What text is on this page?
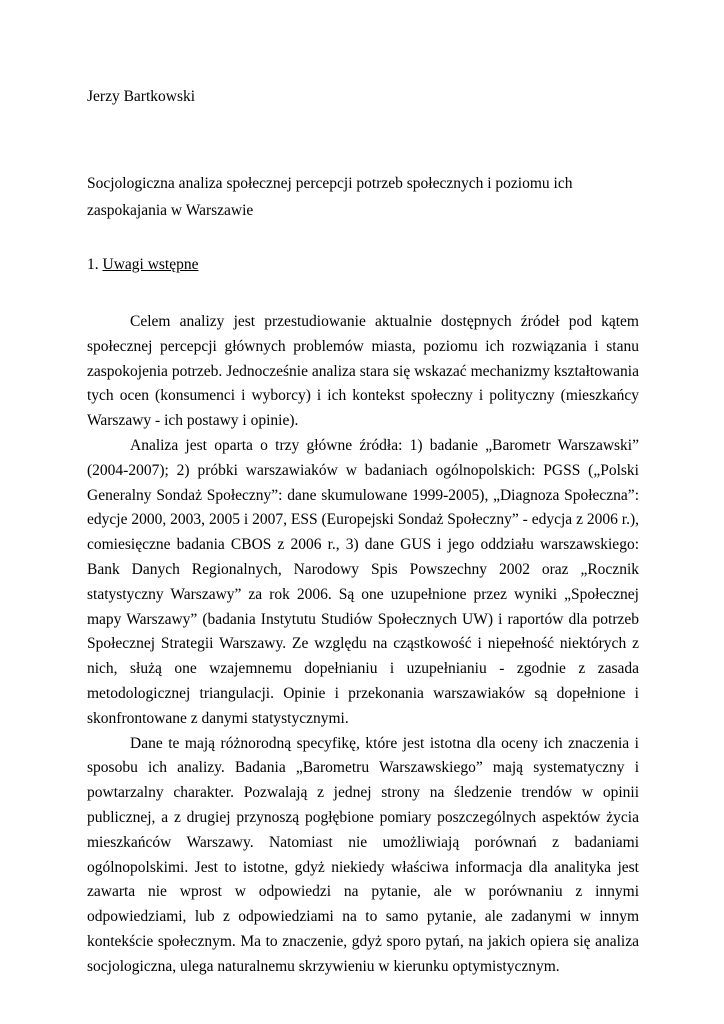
Jerzy Bartkowski

Socjologiczna analiza społecznej percepcji potrzeb społecznych i poziomu ich zaspokajania w Warszawie

1. Uwagi wstępne

Celem analizy jest przestudiowanie aktualnie dostępnych źródeł pod kątem społecznej percepcji głównych problemów miasta, poziomu ich rozwiązania i stanu zaspokojenia potrzeb. Jednocześnie analiza stara się wskazać mechanizmy kształtowania tych ocen (konsumenci i wyborcy) i ich kontekst społeczny i polityczny (mieszkańcy Warszawy - ich postawy i opinie).

Analiza jest oparta o trzy główne źródła: 1) badanie „Barometr Warszawski” (2004-2007); 2) próbki warszawiaków w badaniach ogólnopolskich: PGSS („Polski Generalny Sondaż Społeczny”: dane skumulowane 1999-2005), „Diagnoza Społeczna”: edycje 2000, 2003, 2005 i 2007, ESS (Europejski Sondaż Społeczny” - edycja z 2006 r.), comiesięczne badania CBOS z 2006 r., 3) dane GUS i jego oddziału warszawskiego: Bank Danych Regionalnych, Narodowy Spis Powszechny 2002 oraz „Rocznik statystyczny Warszawy” za rok 2006. Są one uzupełnione przez wyniki „Społecznej mapy Warszawy” (badania Instytutu Studiów Społecznych UW) i raportów dla potrzeb Społecznej Strategii Warszawy. Ze względu na cząstkowość i niepełność niektórych z nich, służą one wzajemnemu dopełnianiu i uzupełnianiu - zgodnie z zasada metodologicznej triangulacji. Opinie i przekonania warszawiaków są dopełnione i skonfrontowane z danymi statystycznymi.

Dane te mają różnorodną specyfikę, które jest istotna dla oceny ich znaczenia i sposobu ich analizy. Badania „Barometru Warszawskiego” mają systematyczny i powtarzalny charakter. Pozwalają z jednej strony na śledzenie trendów w opinii publicznej, a z drugiej przynoszą pogłębione pomiary poszczególnych aspektów życia mieszkańców Warszawy. Natomiast nie umożliwiają porównań z badaniami ogólnopolskimi. Jest to istotne, gdyż niekiedy właściwa informacja dla analityka jest zawarta nie wprost w odpowiedzi na pytanie, ale w porównaniu z innymi odpowiedziami, lub z odpowiedziami na to samo pytanie, ale zadanymi w innym kontekście społecznym. Ma to znaczenie, gdyż sporo pytań, na jakich opiera się analiza socjologiczna, ulega naturalnemu skrzywieniu w kierunku optymistycznym.
